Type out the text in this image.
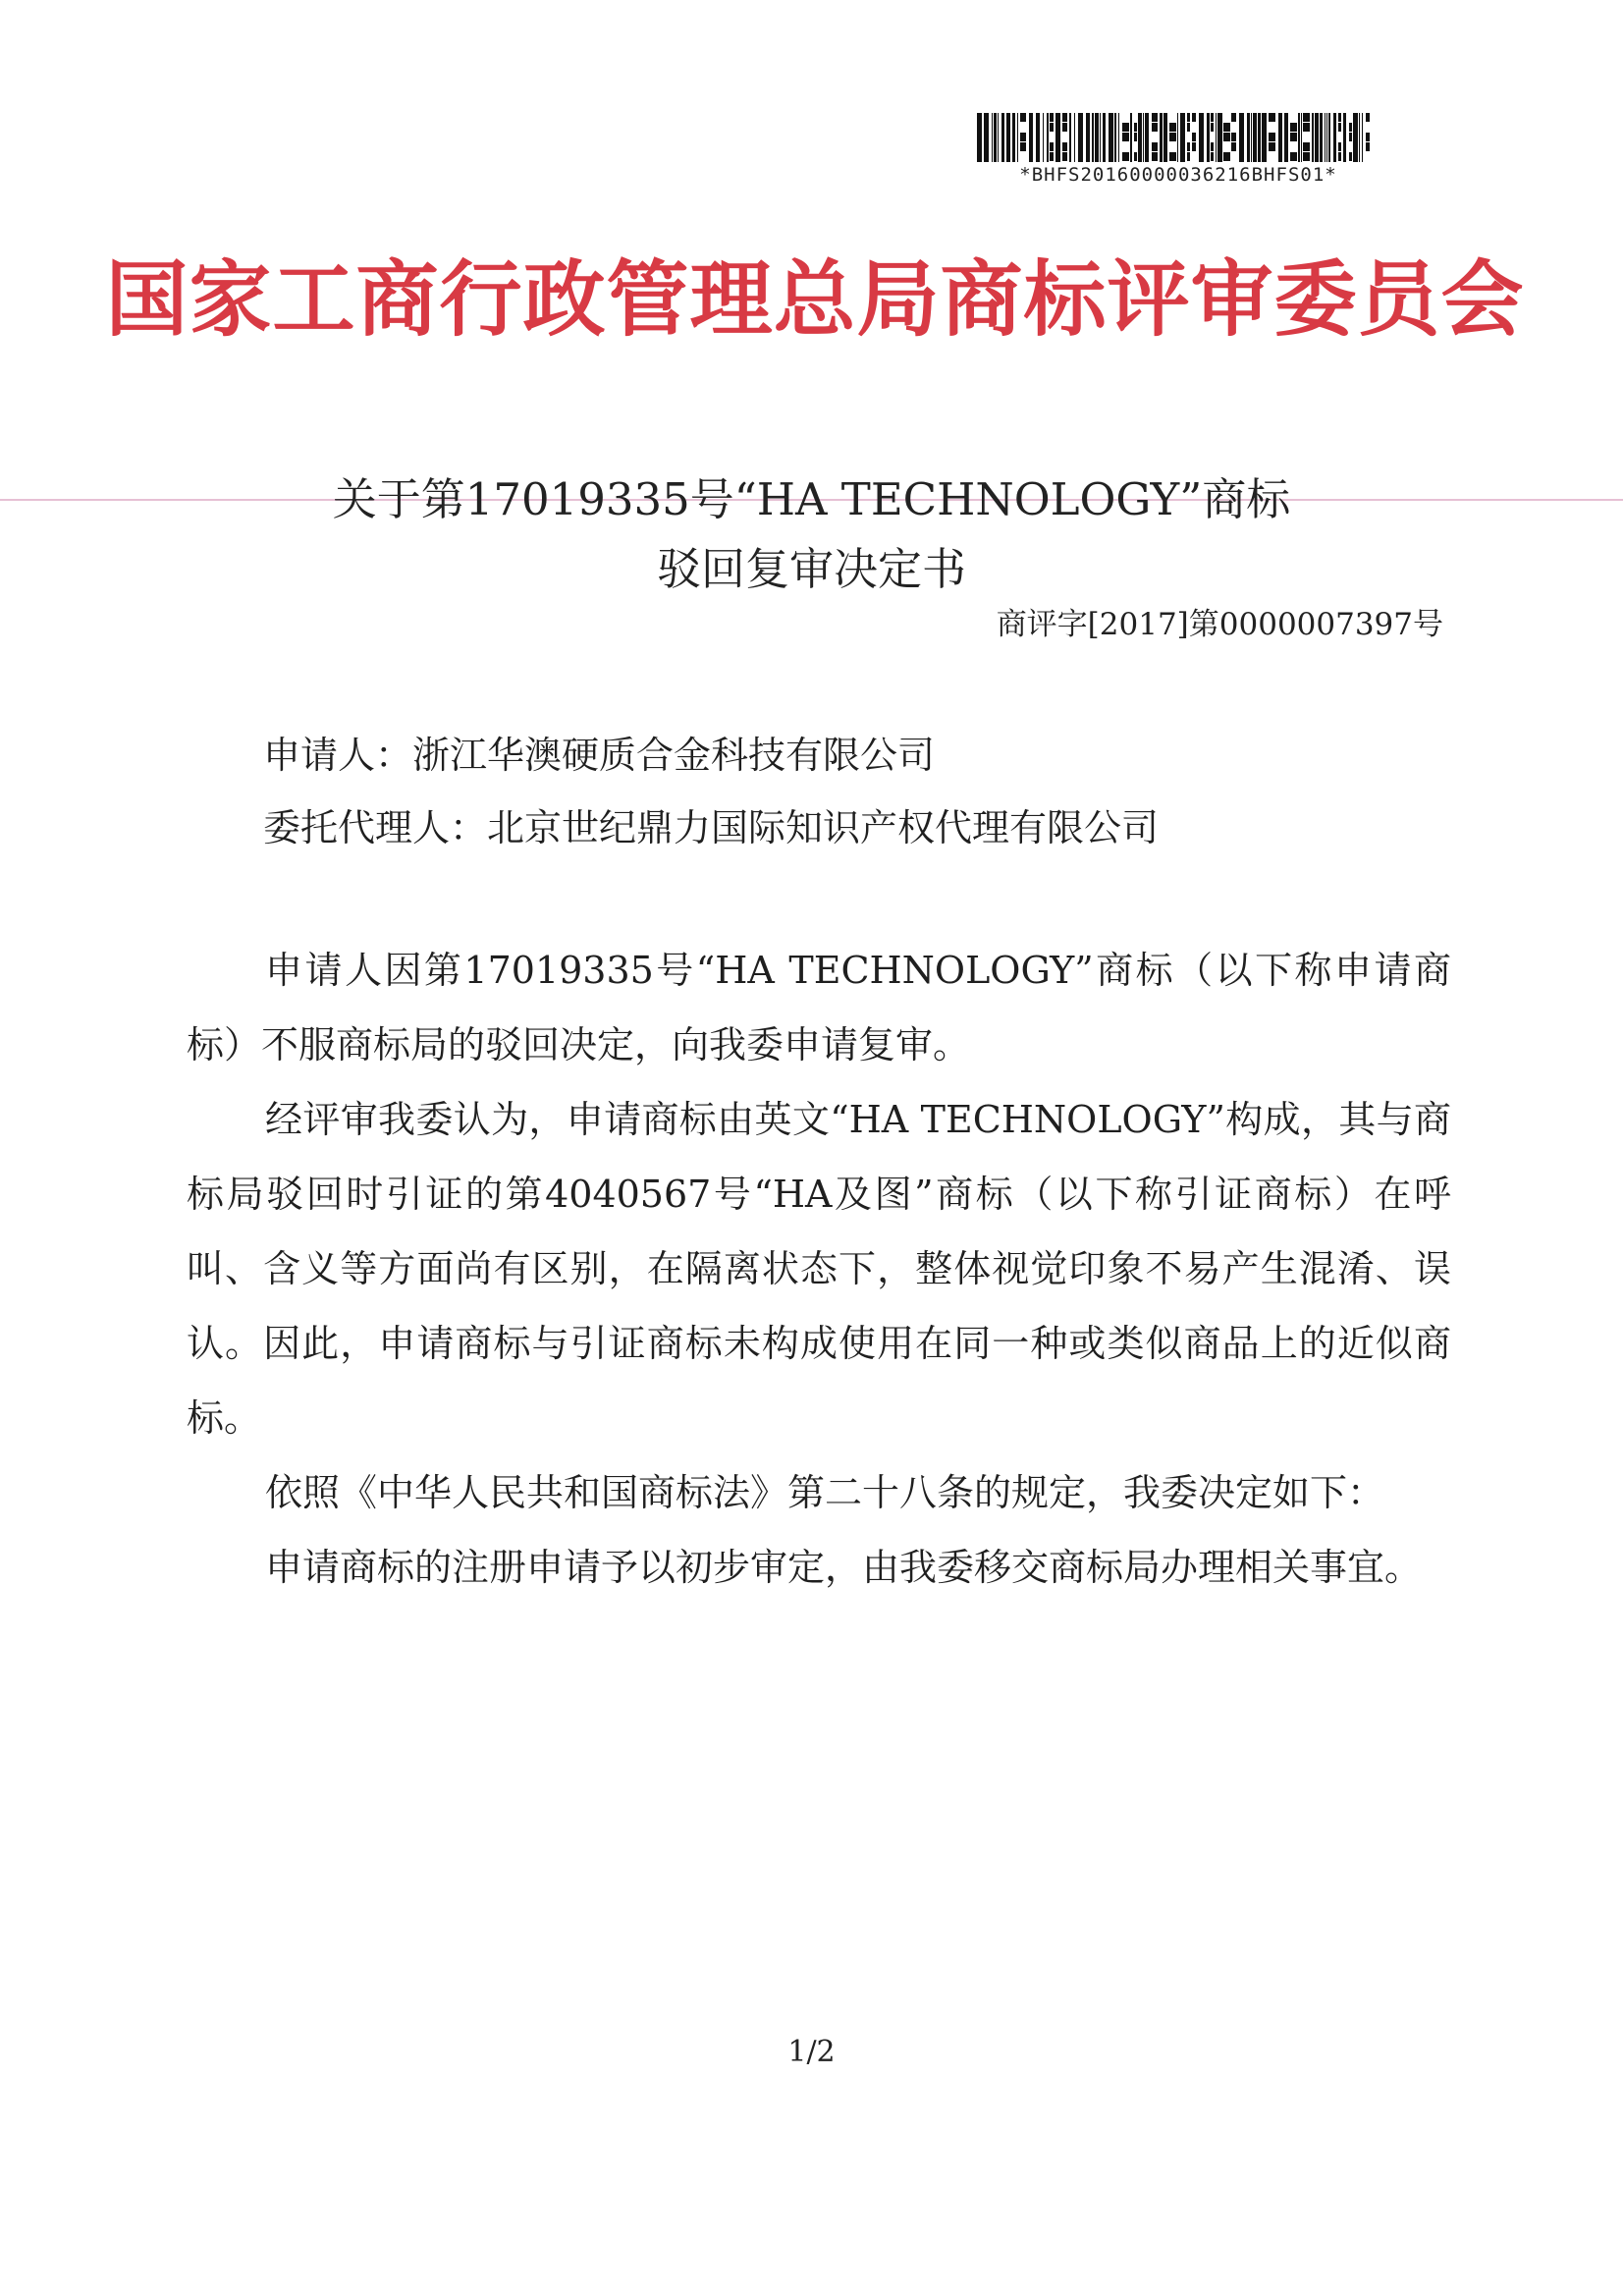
*BHFS20160000036216BHFS01*
国家工商行政管理总局商标评审委员会
关于第17019335号“HA TECHNOLOGY”商标
驳回复审决定书
商评字[2017]第0000007397号
申请人：浙江华澳硬质合金科技有限公司
委托代理人：北京世纪鼎力国际知识产权代理有限公司

申请人因第17019335号“HA TECHNOLOGY”商标（以下称申请商标）不服商标局的驳回决定，向我委申请复审。

经评审我委认为，申请商标由英文“HA TECHNOLOGY”构成，其与商标局驳回时引证的第4040567号“HA及图”商标（以下称引证商标）在呼叫、含义等方面尚有区别，在隔离状态下，整体视觉印象不易产生混淆、误认。因此，申请商标与引证商标未构成使用在同一种或类似商品上的近似商标。

依照《中华人民共和国商标法》第二十八条的规定，我委决定如下：

申请商标的注册申请予以初步审定，由我委移交商标局办理相关事宜。

1/2
